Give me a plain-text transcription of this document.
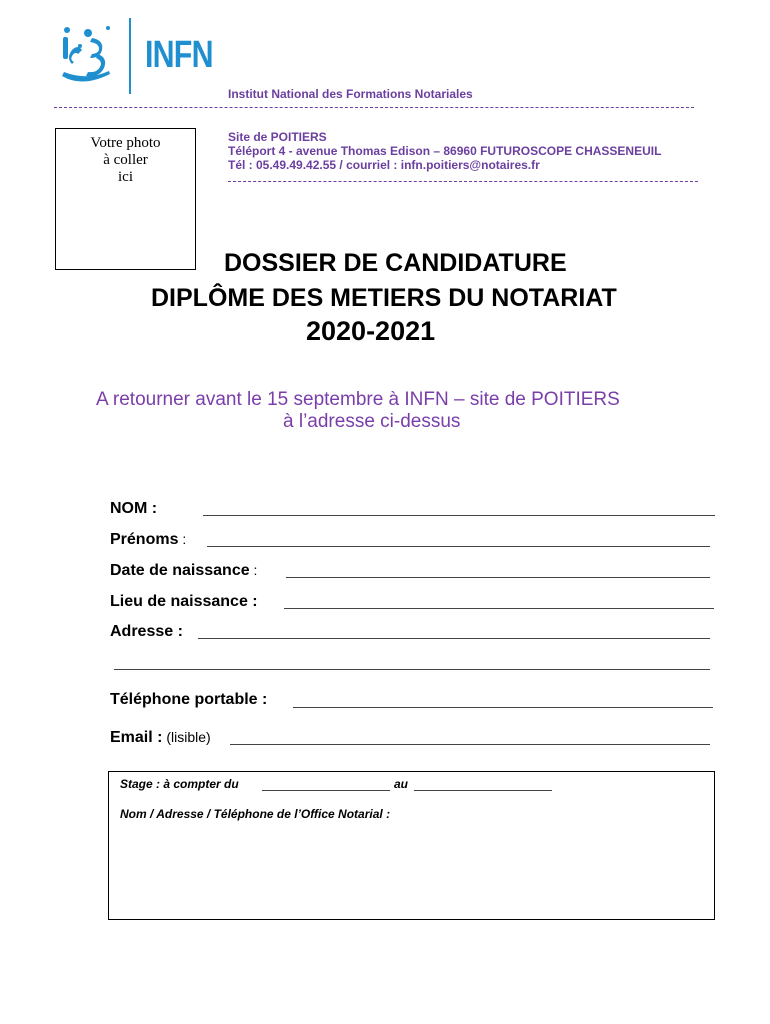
INFN
Institut National des Formations Notariales
Votre photo
à coller
ici
Site de POITIERS
Téléport 4 - avenue Thomas Edison – 86960 FUTUROSCOPE CHASSENEUIL
Tél : 05.49.49.42.55 / courriel : infn.poitiers@notaires.fr
DOSSIER DE CANDIDATURE
DIPLÔME DES METIERS DU NOTARIAT
2020-2021
A retourner avant le 15 septembre à INFN – site de POITIERS
à l’adresse ci-dessus
NOM :
Prénoms :
Date de naissance :
Lieu de naissance :
Adresse :
Téléphone portable :
Email : (lisible)
Stage : à compter du	au
Nom / Adresse / Téléphone de l’Office Notarial :
